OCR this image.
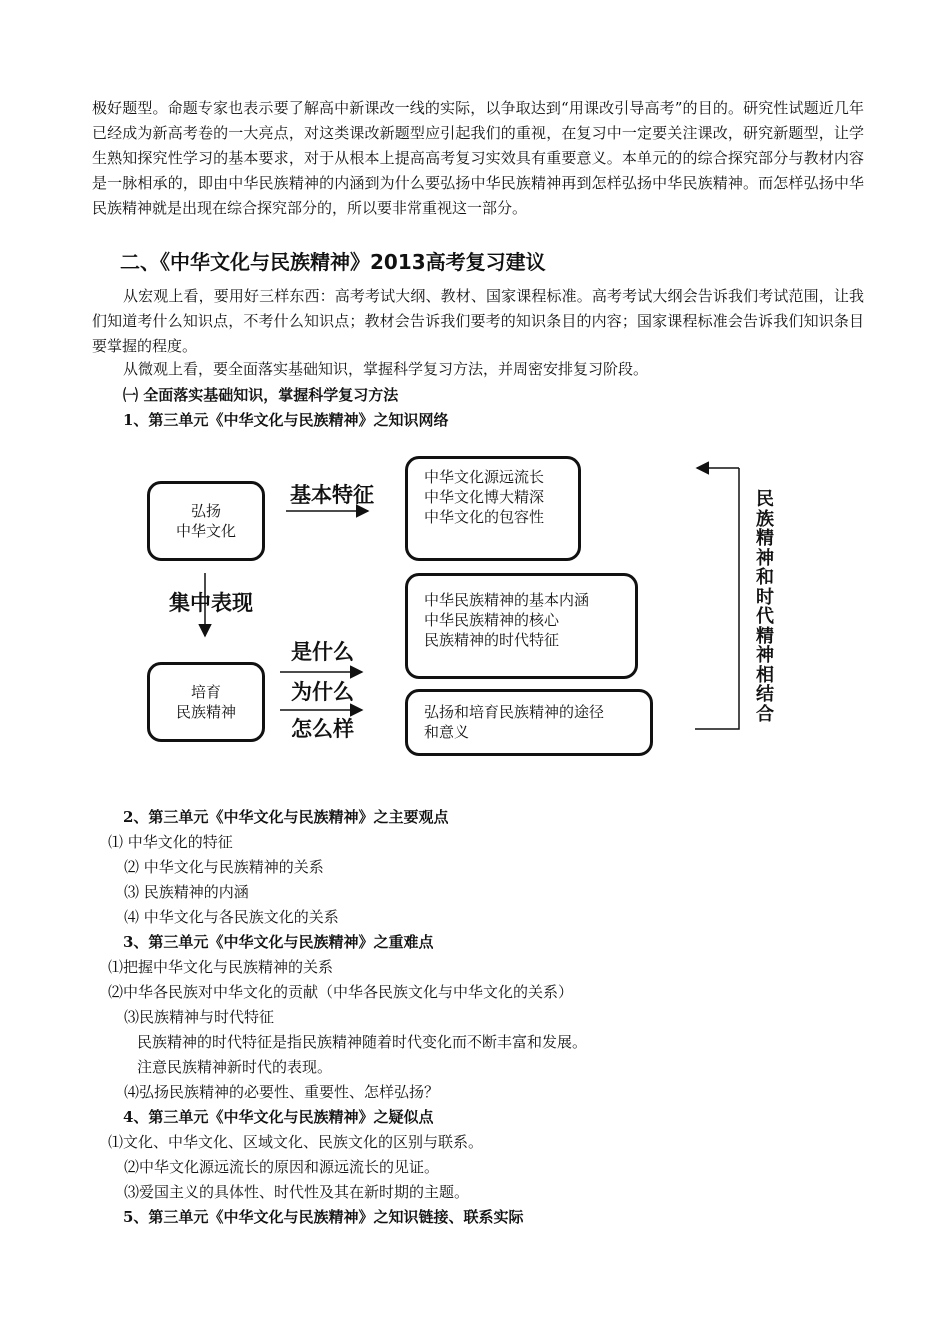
极好题型。命题专家也表示要了解高中新课改一线的实际，以争取达到“用课改引导高考”的目的。研究性试题近几年已经成为新高考卷的一大亮点，对这类课改新题型应引起我们的重视，在复习中一定要关注课改，研究新题型，让学生熟知探究性学习的基本要求，对于从根本上提高高考复习实效具有重要意义。本单元的的综合探究部分与教材内容是一脉相承的，即由中华民族精神的内涵到为什么要弘扬中华民族精神再到怎样弘扬中华民族精神。而怎样弘扬中华民族精神就是出现在综合探究部分的，所以要非常重视这一部分。

二、《中华文化与民族精神》2013高考复习建议

从宏观上看，要用好三样东西：高考考试大纲、教材、国家课程标准。高考考试大纲会告诉我们考试范围，让我们知道考什么知识点，不考什么知识点；教材会告诉我们要考的知识条目的内容；国家课程标准会告诉我们知识条目要掌握的程度。

从微观上看，要全面落实基础知识，掌握科学复习方法，并周密安排复习阶段。

㈠ 全面落实基础知识，掌握科学复习方法
1、第三单元《中华文化与民族精神》之知识网络
弘扬
中华文化
培育
民族精神
基本特征
集中表现
是什么
为什么
怎么样
中华文化源远流长
中华文化博大精深
中华文化的包容性
中华民族精神的基本内涵
中华民族精神的核心
民族精神的时代特征
弘扬和培育民族精神的途径
和意义
民族精神和时代精神相结合
2、第三单元《中华文化与民族精神》之主要观点
⑴ 中华文化的特征
⑵ 中华文化与民族精神的关系
⑶ 民族精神的内涵
⑷ 中华文化与各民族文化的关系
3、第三单元《中华文化与民族精神》之重难点
⑴把握中华文化与民族精神的关系
⑵中华各民族对中华文化的贡献（中华各民族文化与中华文化的关系）
⑶民族精神与时代特征
民族精神的时代特征是指民族精神随着时代变化而不断丰富和发展。
注意民族精神新时代的表现。
⑷弘扬民族精神的必要性、重要性、怎样弘扬？
4、第三单元《中华文化与民族精神》之疑似点
⑴文化、中华文化、区域文化、民族文化的区别与联系。
⑵中华文化源远流长的原因和源远流长的见证。
⑶爱国主义的具体性、时代性及其在新时期的主题。
5、第三单元《中华文化与民族精神》之知识链接、联系实际
